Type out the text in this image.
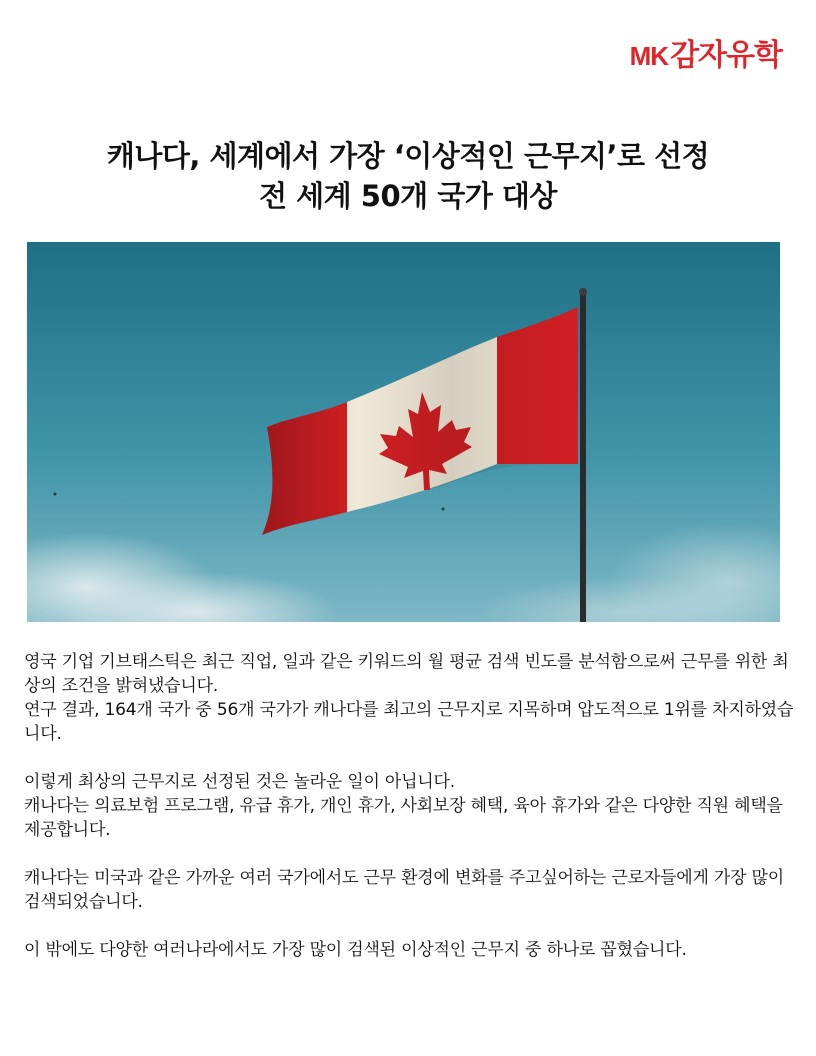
MK 감자유학
캐나다, 세계에서 가장 ‘이상적인 근무지’로 선정
전 세계 50개 국가 대상

영국 기업 기브태스틱은 최근 직업, 일과 같은 키워드의 월 평균 검색 빈도를 분석함으로써 근무를 위한 최상의 조건을 밝혀냈습니다.
연구 결과, 164개 국가 중 56개 국가가 캐나다를 최고의 근무지로 지목하며 압도적으로 1위를 차지하였습니다.

이렇게 최상의 근무지로 선정된 것은 놀라운 일이 아닙니다.
캐나다는 의료보험 프로그램, 유급 휴가, 개인 휴가, 사회보장 혜택, 육아 휴가와 같은 다양한 직원 혜택을 제공합니다.

캐나다는 미국과 같은 가까운 여러 국가에서도 근무 환경에 변화를 주고싶어하는 근로자들에게 가장 많이 검색되었습니다.

이 밖에도 다양한 여러나라에서도 가장 많이 검색된 이상적인 근무지 중 하나로 꼽혔습니다.
